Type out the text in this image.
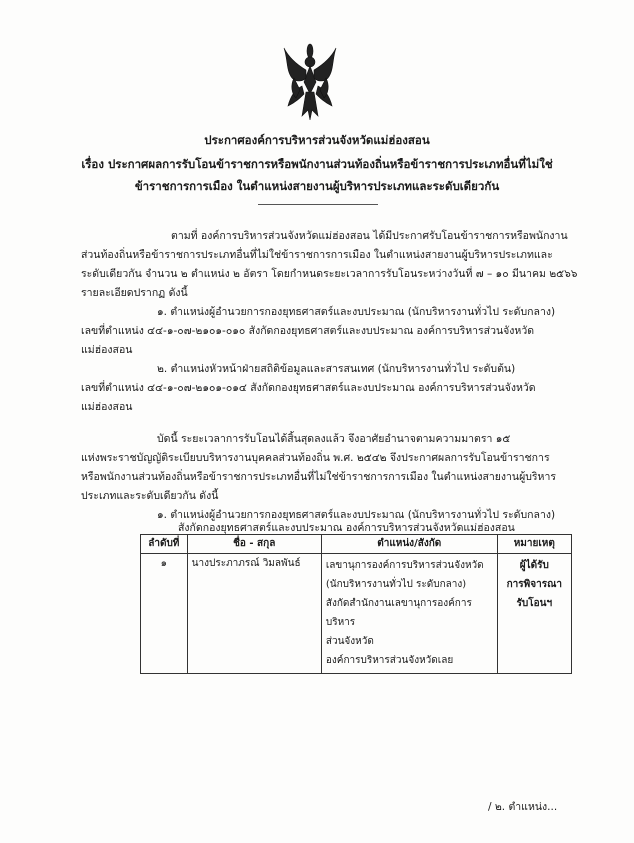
ประกาศองค์การบริหารส่วนจังหวัดแม่ฮ่องสอน
เรื่อง ประกาศผลการรับโอนข้าราชการหรือพนักงานส่วนท้องถิ่นหรือข้าราชการประเภทอื่นที่ไม่ใช่
ข้าราชการการเมือง ในตำแหน่งสายงานผู้บริหารประเภทและระดับเดียวกัน
ตามที่ องค์การบริหารส่วนจังหวัดแม่ฮ่องสอน ได้มีประกาศรับโอนข้าราชการหรือพนักงาน
ส่วนท้องถิ่นหรือข้าราชการประเภทอื่นที่ไม่ใช่ข้าราชการการเมือง ในตำแหน่งสายงานผู้บริหารประเภทและ
ระดับเดียวกัน จำนวน ๒ ตำแหน่ง ๒ อัตรา โดยกำหนดระยะเวลาการรับโอนระหว่างวันที่ ๗ – ๑๐ มีนาคม ๒๕๖๖
รายละเอียดปรากฏ ดังนี้
๑. ตำแหน่งผู้อำนวยการกองยุทธศาสตร์และงบประมาณ (นักบริหารงานทั่วไป ระดับกลาง)
เลขที่ตำแหน่ง ๔๔-๑-๐๗-๒๑๐๑-๐๑๐ สังกัดกองยุทธศาสตร์และงบประมาณ องค์การบริหารส่วนจังหวัด
แม่ฮ่องสอน
๒. ตำแหน่งหัวหน้าฝ่ายสถิติข้อมูลและสารสนเทศ (นักบริหารงานทั่วไป ระดับต้น)
เลขที่ตำแหน่ง ๔๔-๑-๐๗-๒๑๐๑-๐๑๔ สังกัดกองยุทธศาสตร์และงบประมาณ องค์การบริหารส่วนจังหวัด
แม่ฮ่องสอน
บัดนี้ ระยะเวลาการรับโอนได้สิ้นสุดลงแล้ว จึงอาศัยอำนาจตามความมาตรา ๑๕
แห่งพระราชบัญญัติระเบียบบริหารงานบุคคลส่วนท้องถิ่น พ.ศ. ๒๕๔๒ จึงประกาศผลการรับโอนข้าราชการ
หรือพนักงานส่วนท้องถิ่นหรือข้าราชการประเภทอื่นที่ไม่ใช่ข้าราชการการเมือง ในตำแหน่งสายงานผู้บริหาร
ประเภทและระดับเดียวกัน ดังนี้
๑. ตำแหน่งผู้อำนวยการกองยุทธศาสตร์และงบประมาณ (นักบริหารงานทั่วไป ระดับกลาง)
สังกัดกองยุทธศาสตร์และงบประมาณ องค์การบริหารส่วนจังหวัดแม่ฮ่องสอน
ลำดับที่	ชื่อ - สกุล	ตำแหน่ง/สังกัด	หมายเหตุ
๑	นางประภาภรณ์ วิมลพันธ์	เลขานุการองค์การบริหารส่วนจังหวัด
(นักบริหารงานทั่วไป ระดับกลาง)
สังกัดสำนักงานเลขานุการองค์การบริหาร
ส่วนจังหวัด
องค์การบริหารส่วนจังหวัดเลย	ผู้ได้รับ
การพิจารณา
รับโอนฯ
/ ๒. ตำแหน่ง...
